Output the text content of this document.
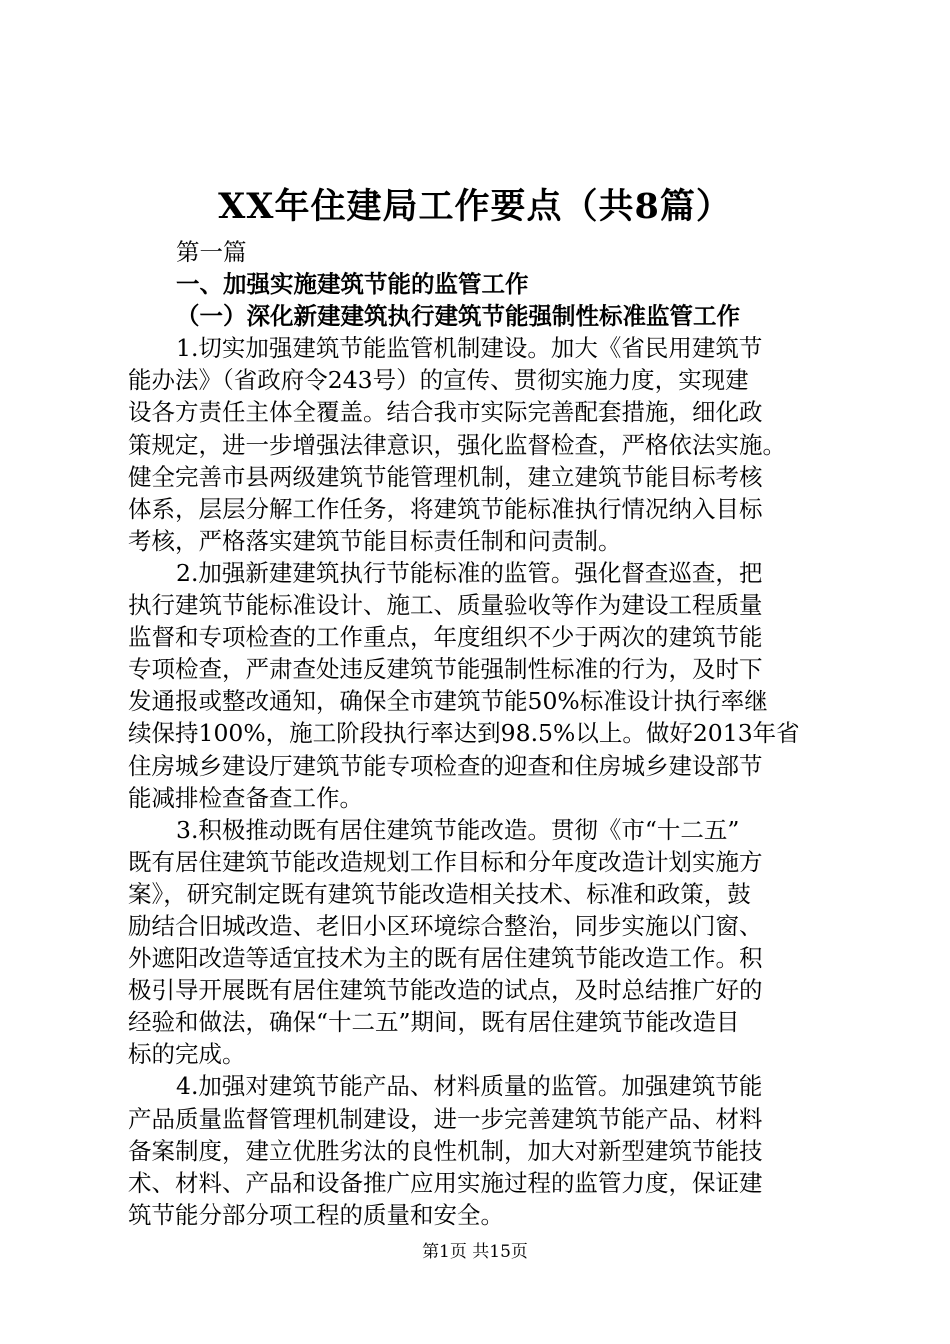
XX年住建局工作要点（共8篇）
第一篇
一、加强实施建筑节能的监管工作
（一）深化新建建筑执行建筑节能强制性标准监管工作
1.切实加强建筑节能监管机制建设。加大《省民用建筑节
能办法》（省政府令243号）的宣传、贯彻实施力度，实现建
设各方责任主体全覆盖。结合我市实际完善配套措施，细化政
策规定，进一步增强法律意识，强化监督检查，严格依法实施。
健全完善市县两级建筑节能管理机制，建立建筑节能目标考核
体系，层层分解工作任务，将建筑节能标准执行情况纳入目标
考核，严格落实建筑节能目标责任制和问责制。
2.加强新建建筑执行节能标准的监管。强化督查巡查，把
执行建筑节能标准设计、施工、质量验收等作为建设工程质量
监督和专项检查的工作重点，年度组织不少于两次的建筑节能
专项检查，严肃查处违反建筑节能强制性标准的行为，及时下
发通报或整改通知，确保全市建筑节能50%标准设计执行率继
续保持100%，施工阶段执行率达到98.5%以上。做好2013年省
住房城乡建设厅建筑节能专项检查的迎查和住房城乡建设部节
能减排检查备查工作。
3.积极推动既有居住建筑节能改造。贯彻《市“十二五”
既有居住建筑节能改造规划工作目标和分年度改造计划实施方
案》，研究制定既有建筑节能改造相关技术、标准和政策，鼓
励结合旧城改造、老旧小区环境综合整治，同步实施以门窗、
外遮阳改造等适宜技术为主的既有居住建筑节能改造工作。积
极引导开展既有居住建筑节能改造的试点，及时总结推广好的
经验和做法，确保“十二五”期间，既有居住建筑节能改造目
标的完成。
4.加强对建筑节能产品、材料质量的监管。加强建筑节能
产品质量监督管理机制建设，进一步完善建筑节能产品、材料
备案制度，建立优胜劣汰的良性机制，加大对新型建筑节能技
术、材料、产品和设备推广应用实施过程的监管力度，保证建
筑节能分部分项工程的质量和安全。
第1页 共15页
